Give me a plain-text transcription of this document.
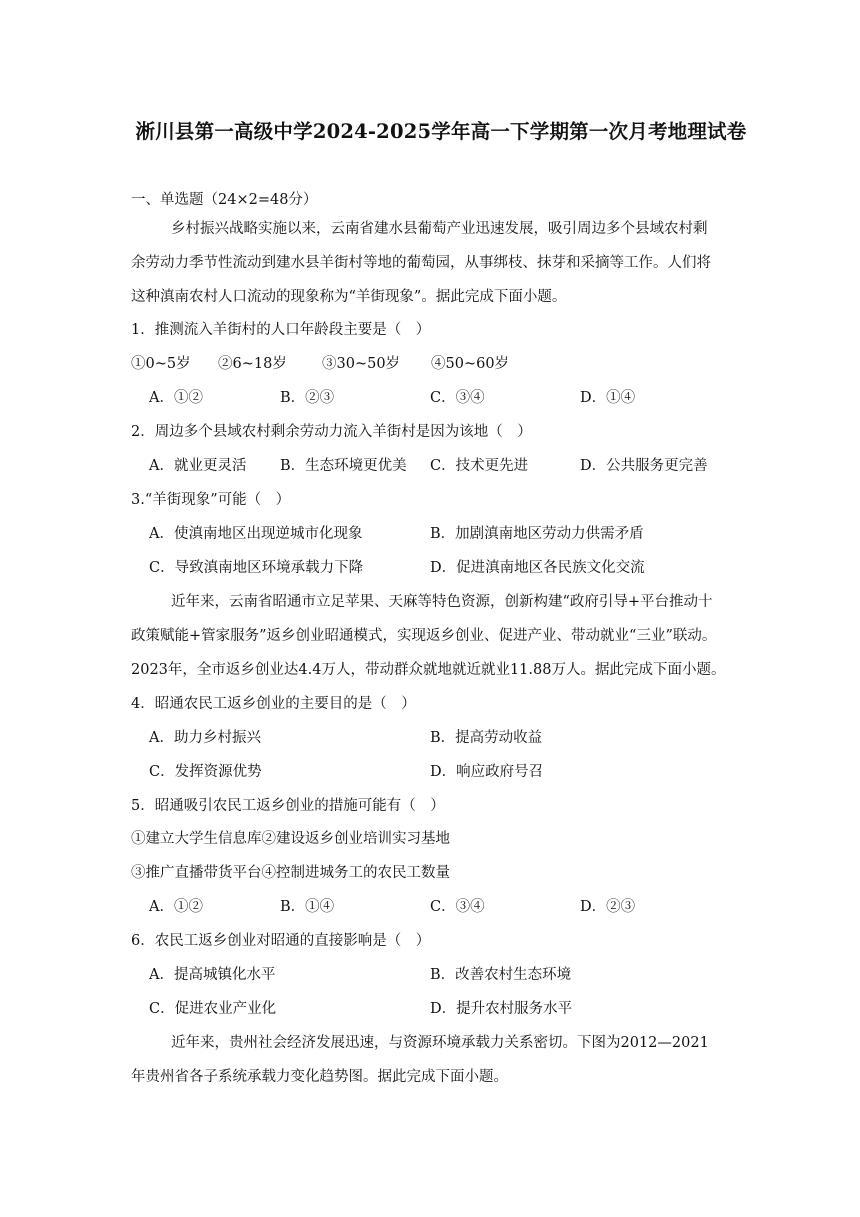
淅川县第一高级中学2024-2025学年高一下学期第一次月考地理试卷
一、单选题（24×2=48分）
乡村振兴战略实施以来，云南省建水县葡萄产业迅速发展，吸引周边多个县域农村剩
余劳动力季节性流动到建水县羊街村等地的葡萄园，从事绑枝、抹芽和采摘等工作。人们将
这种滇南农村人口流动的现象称为“羊街现象”。据此完成下面小题。
1．推测流入羊街村的人口年龄段主要是（　）
①0~5岁 ②6~18岁 ③30~50岁 ④50~60岁
A．①②	B．②③	C．③④	D．①④
2．周边多个县域农村剩余劳动力流入羊街村是因为该地（　）
A．就业更灵活 B．生态环境更优美 C．技术更先进	D．公共服务更完善
3.“羊街现象”可能（　）
A．使滇南地区出现逆城市化现象	B．加剧滇南地区劳动力供需矛盾
C．导致滇南地区环境承载力下降	D．促进滇南地区各民族文化交流
近年来，云南省昭通市立足苹果、天麻等特色资源，创新构建“政府引导+平台推动十
政策赋能+管家服务”返乡创业昭通模式，实现返乡创业、促进产业、带动就业“三业”联动。
2023年，全市返乡创业达4.4万人，带动群众就地就近就业11.88万人。据此完成下面小题。
4．昭通农民工返乡创业的主要目的是（　）
A．助力乡村振兴	B．提高劳动收益
C．发挥资源优势	D．响应政府号召
5．昭通吸引农民工返乡创业的措施可能有（　）
①建立大学生信息库②建设返乡创业培训实习基地
③推广直播带货平台④控制进城务工的农民工数量
A．①②	B．①④	C．③④	D．②③
6．农民工返乡创业对昭通的直接影响是（　）
A．提高城镇化水平	B．改善农村生态环境
C．促进农业产业化	D．提升农村服务水平
近年来，贵州社会经济发展迅速，与资源环境承载力关系密切。下图为2012—2021
年贵州省各子系统承载力变化趋势图。据此完成下面小题。
